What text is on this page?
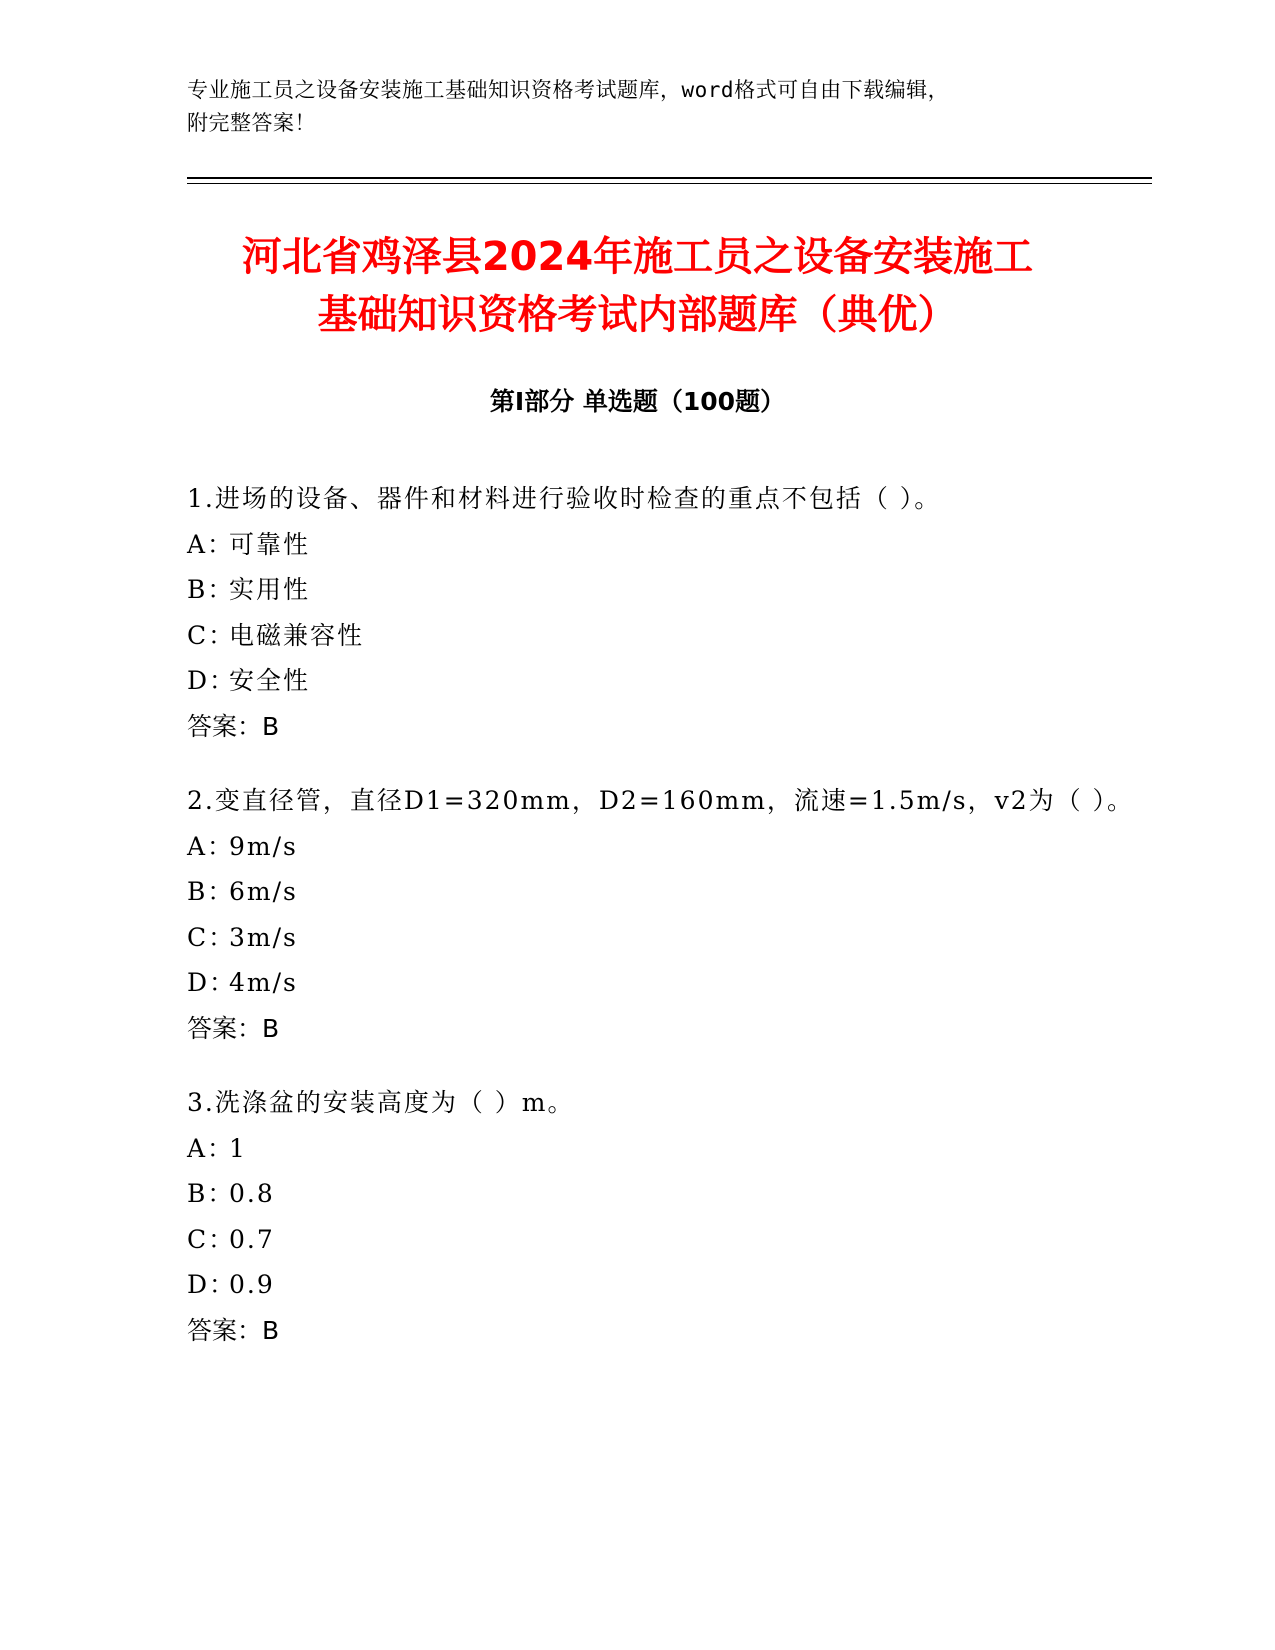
专业施工员之设备安装施工基础知识资格考试题库，word格式可自由下载编辑，
附完整答案！
河北省鸡泽县2024年施工员之设备安装施工
基础知识资格考试内部题库（典优）
第Ⅰ部分 单选题（100题）
1.进场的设备、器件和材料进行验收时检查的重点不包括（ ）。
A：可靠性
B：实用性
C：电磁兼容性
D：安全性
答案：B
2.变直径管，直径D1=320mm，D2=160mm，流速=1.5m/s，v2为（ ）。
A：9m/s
B：6m/s
C：3m/s
D：4m/s
答案：B
3.洗涤盆的安装高度为（ ）m。
A：1
B：0.8
C：0.7
D：0.9
答案：B
